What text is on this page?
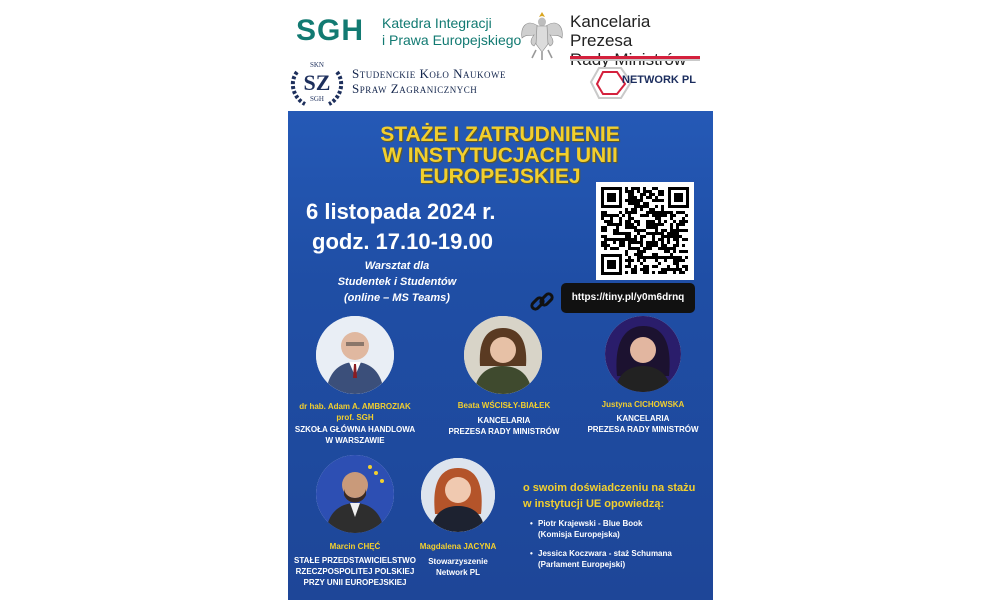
SGH Katedra Integracji
i Prawa Europejskiego
Kancelaria Prezesa
SKN
SZ
SGH
Studenckie Koło Naukowe
Spraw Zagranicznych
NETWORK PL
STAŻE I ZATRUDNIENIE
W INSTYTUCJACH UNII
EUROPEJSKIEJ
6 listopada 2024 r.
godz. 17.10-19.00
Warsztat dla
Studentek i Studentów
(online – MS Teams)	https://tiny.pl/y0m6drnq
dr hab. Adam A. AMBROZIAK
prof. SGH
SZKOŁA GŁÓWNA HANDLOWA
W WARSZAWIE
Beata WŚCISŁY-BIAŁEK
KANCELARIA
PREZESA RADY MINISTRÓW
Justyna CICHOWSKA
KANCELARIA
PREZESA RADY MINISTRÓW
Marcin CHĘĆ
STAŁE PRZEDSTAWICIELSTWO
RZECZPOSPOLITEJ POLSKIEJ
PRZY UNII EUROPEJSKIEJ
Magdalena JACYNA
Stowarzyszenie
Network PL
o swoim doświadczeniu na stażu
w instytucji UE opowiedzą:
• Piotr Krajewski - Blue Book
(Komisja Europejska)
• Jessica Koczwara - staż Schumana
(Parlament Europejski)
